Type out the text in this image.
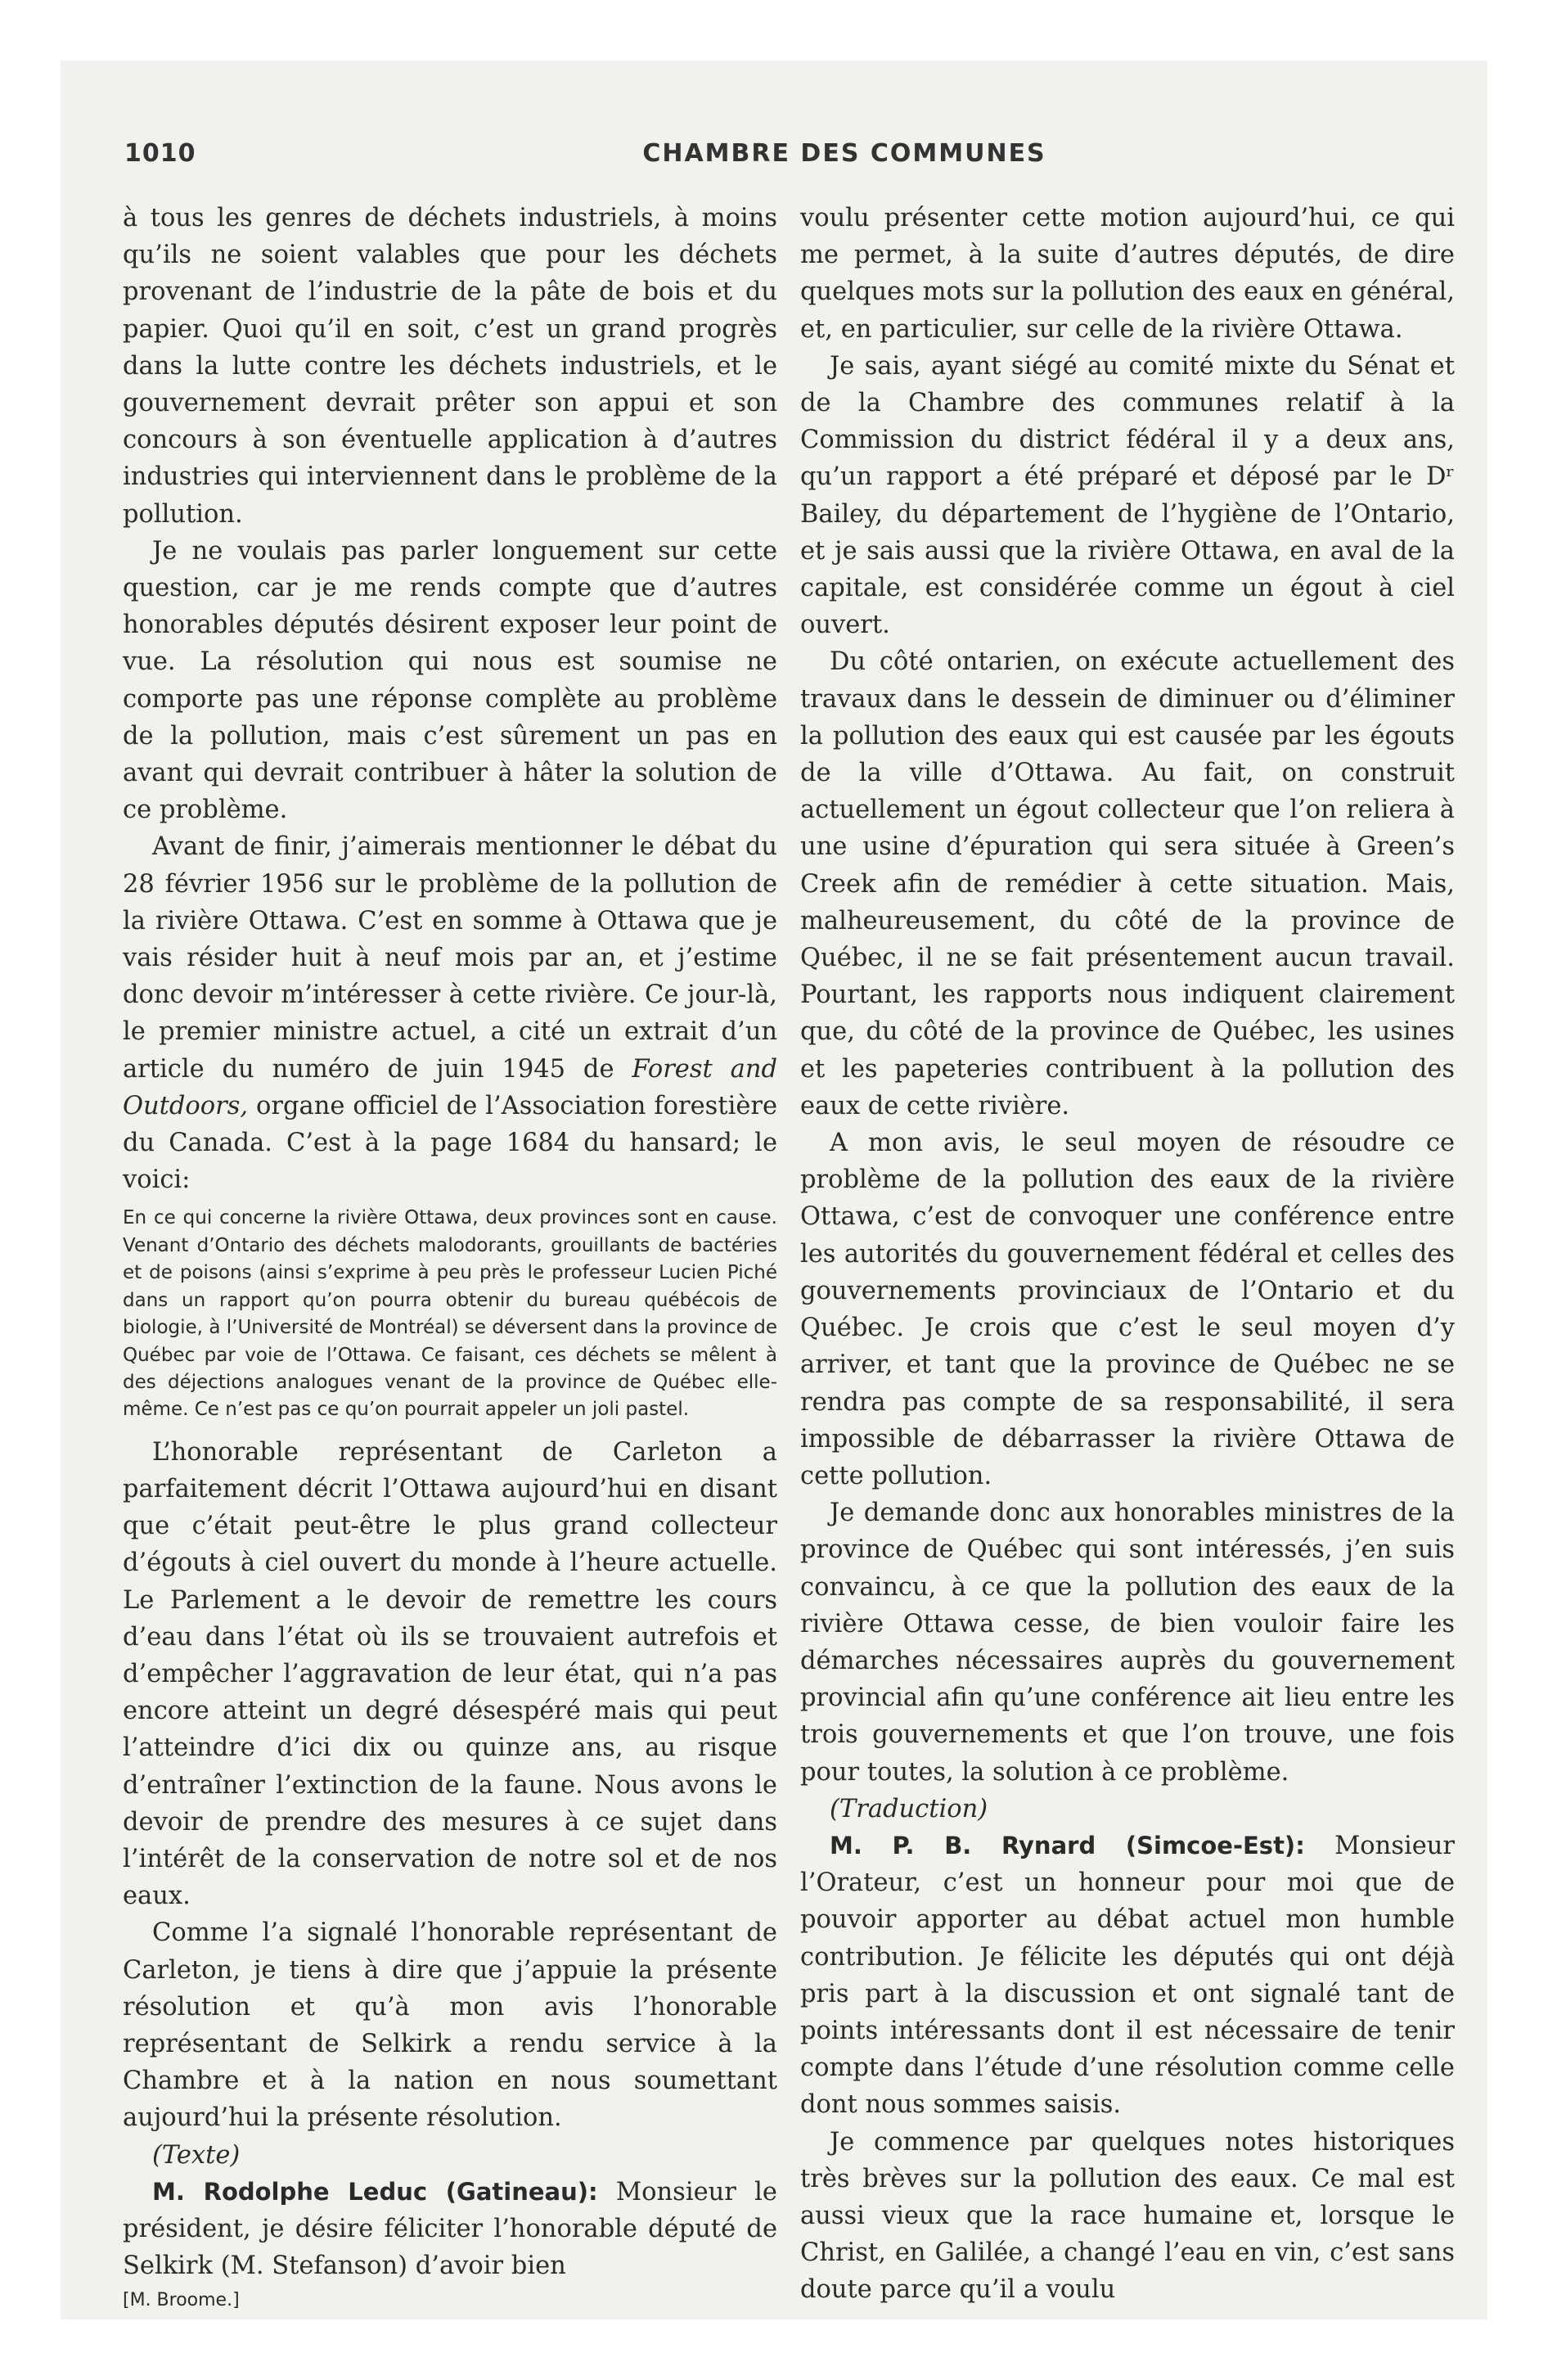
1010	CHAMBRE DES COMMUNES

à tous les genres de déchets industriels, à moins qu’ils ne soient valables que pour les déchets provenant de l’industrie de la pâte de bois et du papier. Quoi qu’il en soit, c’est un grand progrès dans la lutte contre les déchets industriels, et le gouvernement devrait prêter son appui et son concours à son éventuelle application à d’autres industries qui interviennent dans le problème de la pollution.

Je ne voulais pas parler longuement sur cette question, car je me rends compte que d’autres honorables députés désirent exposer leur point de vue. La résolution qui nous est soumise ne comporte pas une réponse complète au problème de la pollution, mais c’est sûrement un pas en avant qui devrait contribuer à hâter la solution de ce problème.

Avant de finir, j’aimerais mentionner le débat du 28 février 1956 sur le problème de la pollution de la rivière Ottawa. C’est en somme à Ottawa que je vais résider huit à neuf mois par an, et j’estime donc devoir m’intéresser à cette rivière. Ce jour-là, le premier ministre actuel, a cité un extrait d’un article du numéro de juin 1945 de Forest and Outdoors, organe officiel de l’Association forestière du Canada. C’est à la page 1684 du hansard; le voici:

En ce qui concerne la rivière Ottawa, deux provinces sont en cause. Venant d’Ontario des déchets malodorants, grouillants de bactéries et de poisons (ainsi s’exprime à peu près le professeur Lucien Piché dans un rapport qu’on pourra obtenir du bureau québécois de biologie, à l’Université de Montréal) se déversent dans la province de Québec par voie de l’Ottawa. Ce faisant, ces déchets se mêlent à des déjections analogues venant de la province de Québec elle-même. Ce n’est pas ce qu’on pourrait appeler un joli pastel.

L’honorable représentant de Carleton a parfaitement décrit l’Ottawa aujourd’hui en disant que c’était peut-être le plus grand collecteur d’égouts à ciel ouvert du monde à l’heure actuelle. Le Parlement a le devoir de remettre les cours d’eau dans l’état où ils se trouvaient autrefois et d’empêcher l’aggravation de leur état, qui n’a pas encore atteint un degré désespéré mais qui peut l’atteindre d’ici dix ou quinze ans, au risque d’entraîner l’extinction de la faune. Nous avons le devoir de prendre des mesures à ce sujet dans l’intérêt de la conservation de notre sol et de nos eaux.

Comme l’a signalé l’honorable représentant de Carleton, je tiens à dire que j’appuie la présente résolution et qu’à mon avis l’honorable représentant de Selkirk a rendu service à la Chambre et à la nation en nous soumettant aujourd’hui la présente résolution.

(Texte)

M. Rodolphe Leduc (Gatineau): Monsieur le président, je désire féliciter l’honorable député de Selkirk (M. Stefanson) d’avoir bien

[M. Broome.]

voulu présenter cette motion aujourd’hui, ce qui me permet, à la suite d’autres députés, de dire quelques mots sur la pollution des eaux en général, et, en particulier, sur celle de la rivière Ottawa.

Je sais, ayant siégé au comité mixte du Sénat et de la Chambre des communes relatif à la Commission du district fédéral il y a deux ans, qu’un rapport a été préparé et déposé par le Dʳ Bailey, du département de l’hygiène de l’Ontario, et je sais aussi que la rivière Ottawa, en aval de la capitale, est considérée comme un égout à ciel ouvert.

Du côté ontarien, on exécute actuellement des travaux dans le dessein de diminuer ou d’éliminer la pollution des eaux qui est causée par les égouts de la ville d’Ottawa. Au fait, on construit actuellement un égout collecteur que l’on reliera à une usine d’épuration qui sera située à Green’s Creek afin de remédier à cette situation. Mais, malheureusement, du côté de la province de Québec, il ne se fait présentement aucun travail. Pourtant, les rapports nous indiquent clairement que, du côté de la province de Québec, les usines et les papeteries contribuent à la pollution des eaux de cette rivière.

A mon avis, le seul moyen de résoudre ce problème de la pollution des eaux de la rivière Ottawa, c’est de convoquer une conférence entre les autorités du gouvernement fédéral et celles des gouvernements provinciaux de l’Ontario et du Québec. Je crois que c’est le seul moyen d’y arriver, et tant que la province de Québec ne se rendra pas compte de sa responsabilité, il sera impossible de débarrasser la rivière Ottawa de cette pollution.

Je demande donc aux honorables ministres de la province de Québec qui sont intéressés, j’en suis convaincu, à ce que la pollution des eaux de la rivière Ottawa cesse, de bien vouloir faire les démarches nécessaires auprès du gouvernement provincial afin qu’une conférence ait lieu entre les trois gouvernements et que l’on trouve, une fois pour toutes, la solution à ce problème.

(Traduction)

M. P. B. Rynard (Simcoe-Est): Monsieur l’Orateur, c’est un honneur pour moi que de pouvoir apporter au débat actuel mon humble contribution. Je félicite les députés qui ont déjà pris part à la discussion et ont signalé tant de points intéressants dont il est nécessaire de tenir compte dans l’étude d’une résolution comme celle dont nous sommes saisis.

Je commence par quelques notes historiques très brèves sur la pollution des eaux. Ce mal est aussi vieux que la race humaine et, lorsque le Christ, en Galilée, a changé l’eau en vin, c’est sans doute parce qu’il a voulu
